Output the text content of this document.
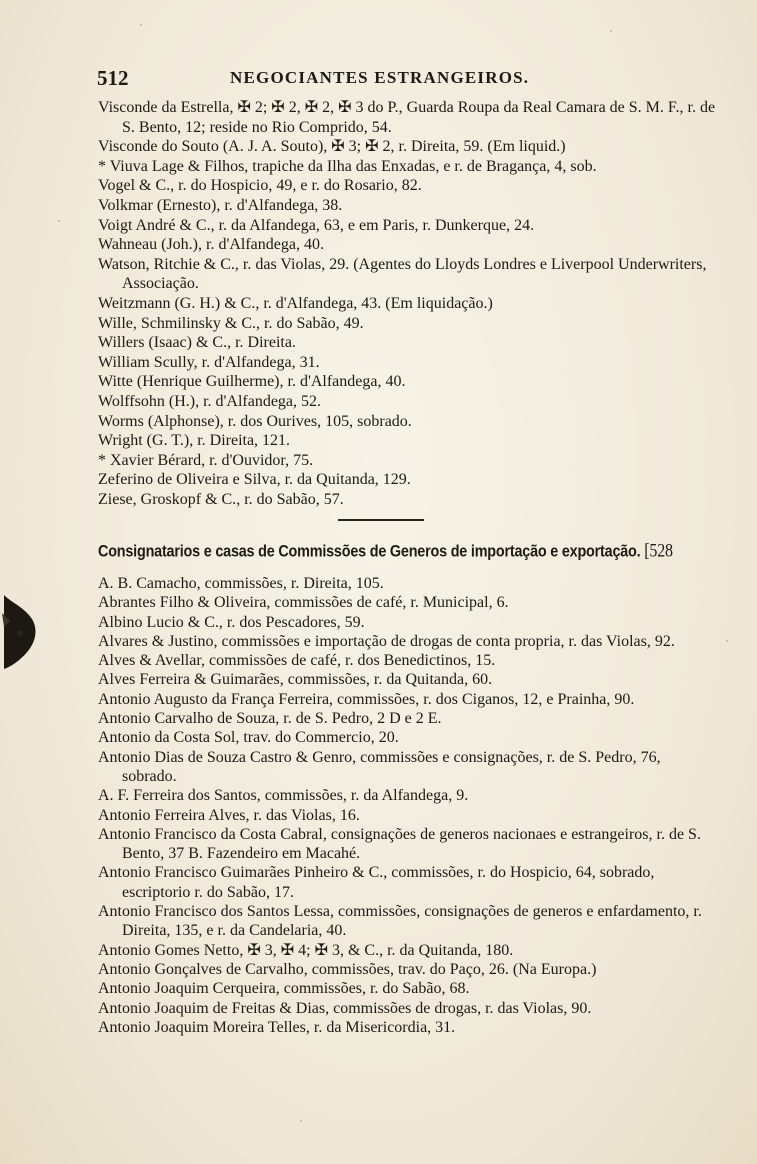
512	NEGOCIANTES ESTRANGEIROS.
Visconde da Estrella, ✠ 2; ✠ 2, ✠ 2, ✠ 3 do P., Guarda Roupa da Real Camara de S. M. F., r. de S. Bento, 12; reside no Rio Comprido, 54.
Visconde do Souto (A. J. A. Souto), ✠ 3; ✠ 2, r. Direita, 59. (Em liquid.)
* Viuva Lage & Filhos, trapiche da Ilha das Enxadas, e r. de Bragança, 4, sob.
Vogel & C., r. do Hospicio, 49, e r. do Rosario, 82.
Volkmar (Ernesto), r. d'Alfandega, 38.
Voigt André & C., r. da Alfandega, 63, e em Paris, r. Dunkerque, 24.
Wahneau (Joh.), r. d'Alfandega, 40.
Watson, Ritchie & C., r. das Violas, 29. (Agentes do Lloyds Londres e Liverpool Underwriters, Associação.
Weitzmann (G. H.) & C., r. d'Alfandega, 43. (Em liquidação.)
Wille, Schmilinsky & C., r. do Sabão, 49.
Willers (Isaac) & C., r. Direita.
William Scully, r. d'Alfandega, 31.
Witte (Henrique Guilherme), r. d'Alfandega, 40.
Wolffsohn (H.), r. d'Alfandega, 52.
Worms (Alphonse), r. dos Ourives, 105, sobrado.
Wright (G. T.), r. Direita, 121.
* Xavier Bérard, r. d'Ouvidor, 75.
Zeferino de Oliveira e Silva, r. da Quitanda, 129.
Ziese, Groskopf & C., r. do Sabão, 57.
Consignatarios e casas de Commissões de Generos de importação e exportação. [528
A. B. Camacho, commissões, r. Direita, 105.
Abrantes Filho & Oliveira, commissões de café, r. Municipal, 6.
Albino Lucio & C., r. dos Pescadores, 59.
Alvares & Justino, commissões e importação de drogas de conta propria, r. das Violas, 92.
Alves & Avellar, commissões de café, r. dos Benedictinos, 15.
Alves Ferreira & Guimarães, commissões, r. da Quitanda, 60.
Antonio Augusto da França Ferreira, commissões, r. dos Ciganos, 12, e Prainha, 90.
Antonio Carvalho de Souza, r. de S. Pedro, 2 D e 2 E.
Antonio da Costa Sol, trav. do Commercio, 20.
Antonio Dias de Souza Castro & Genro, commissões e consignações, r. de S. Pedro, 76, sobrado.
A. F. Ferreira dos Santos, commissões, r. da Alfandega, 9.
Antonio Ferreira Alves, r. das Violas, 16.
Antonio Francisco da Costa Cabral, consignações de generos nacionaes e estrangeiros, r. de S. Bento, 37 B. Fazendeiro em Macahé.
Antonio Francisco Guimarães Pinheiro & C., commissões, r. do Hospicio, 64, sobrado, escriptorio r. do Sabão, 17.
Antonio Francisco dos Santos Lessa, commissões, consignações de generos e enfardamento, r. Direita, 135, e r. da Candelaria, 40.
Antonio Gomes Netto, ✠ 3, ✠ 4; ✠ 3, & C., r. da Quitanda, 180.
Antonio Gonçalves de Carvalho, commissões, trav. do Paço, 26. (Na Europa.)
Antonio Joaquim Cerqueira, commissões, r. do Sabão, 68.
Antonio Joaquim de Freitas & Dias, commissões de drogas, r. das Violas, 90.
Antonio Joaquim Moreira Telles, r. da Misericordia, 31.
